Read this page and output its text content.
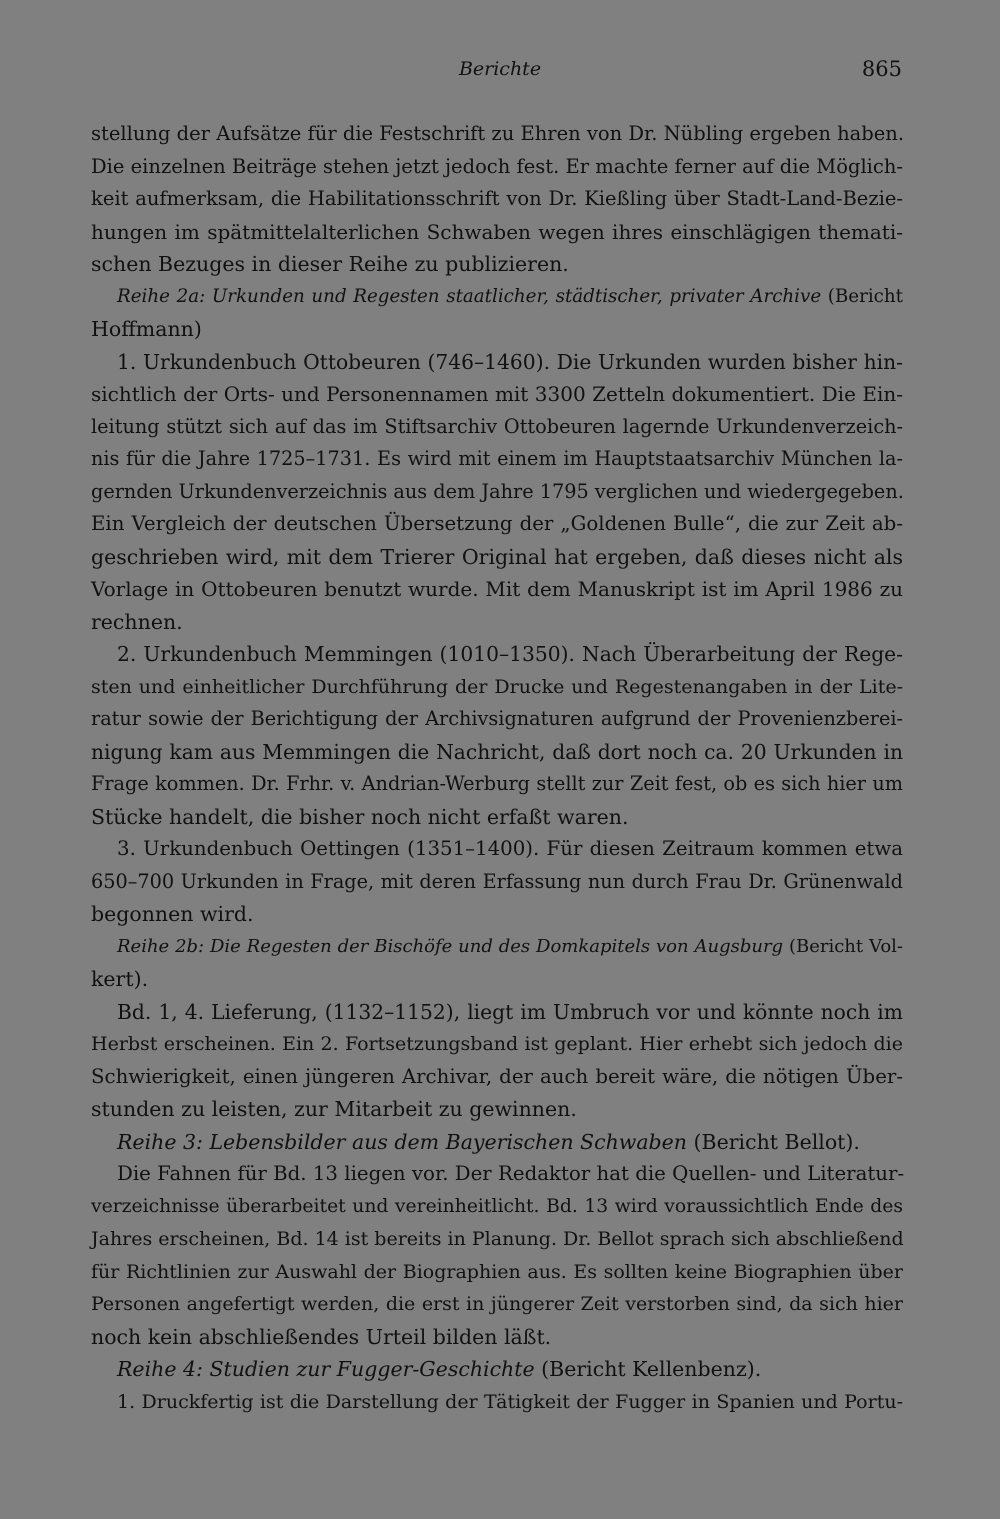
Berichte	865
stellung der Aufsätze für die Festschrift zu Ehren von Dr. Nübling ergeben haben.
Die einzelnen Beiträge stehen jetzt jedoch fest. Er machte ferner auf die Möglich-
keit aufmerksam, die Habilitationsschrift von Dr. Kießling über Stadt-Land-Bezie-
hungen im spätmittelalterlichen Schwaben wegen ihres einschlägigen themati-
schen Bezuges in dieser Reihe zu publizieren.
Reihe 2a: Urkunden und Regesten staatlicher, städtischer, privater Archive (Bericht
Hoffmann)
1. Urkundenbuch Ottobeuren (746–1460). Die Urkunden wurden bisher hin-
sichtlich der Orts- und Personennamen mit 3300 Zetteln dokumentiert. Die Ein-
leitung stützt sich auf das im Stiftsarchiv Ottobeuren lagernde Urkundenverzeich-
nis für die Jahre 1725–1731. Es wird mit einem im Hauptstaatsarchiv München la-
gernden Urkundenverzeichnis aus dem Jahre 1795 verglichen und wiedergegeben.
Ein Vergleich der deutschen Übersetzung der „Goldenen Bulle“, die zur Zeit ab-
geschrieben wird, mit dem Trierer Original hat ergeben, daß dieses nicht als
Vorlage in Ottobeuren benutzt wurde. Mit dem Manuskript ist im April 1986 zu
rechnen.
2. Urkundenbuch Memmingen (1010–1350). Nach Überarbeitung der Rege-
sten und einheitlicher Durchführung der Drucke und Regestenangaben in der Lite-
ratur sowie der Berichtigung der Archivsignaturen aufgrund der Provenienzberei-
nigung kam aus Memmingen die Nachricht, daß dort noch ca. 20 Urkunden in
Frage kommen. Dr. Frhr. v. Andrian-Werburg stellt zur Zeit fest, ob es sich hier um
Stücke handelt, die bisher noch nicht erfaßt waren.
3. Urkundenbuch Oettingen (1351–1400). Für diesen Zeitraum kommen etwa
650–700 Urkunden in Frage, mit deren Erfassung nun durch Frau Dr. Grünenwald
begonnen wird.
Reihe 2b: Die Regesten der Bischöfe und des Domkapitels von Augsburg (Bericht Vol-
kert).
Bd. 1, 4. Lieferung, (1132–1152), liegt im Umbruch vor und könnte noch im
Herbst erscheinen. Ein 2. Fortsetzungsband ist geplant. Hier erhebt sich jedoch die
Schwierigkeit, einen jüngeren Archivar, der auch bereit wäre, die nötigen Über-
stunden zu leisten, zur Mitarbeit zu gewinnen.
Reihe 3: Lebensbilder aus dem Bayerischen Schwaben (Bericht Bellot).
Die Fahnen für Bd. 13 liegen vor. Der Redaktor hat die Quellen- und Literatur-
verzeichnisse überarbeitet und vereinheitlicht. Bd. 13 wird voraussichtlich Ende des
Jahres erscheinen, Bd. 14 ist bereits in Planung. Dr. Bellot sprach sich abschließend
für Richtlinien zur Auswahl der Biographien aus. Es sollten keine Biographien über
Personen angefertigt werden, die erst in jüngerer Zeit verstorben sind, da sich hier
noch kein abschließendes Urteil bilden läßt.
Reihe 4: Studien zur Fugger-Geschichte (Bericht Kellenbenz).
1. Druckfertig ist die Darstellung der Tätigkeit der Fugger in Spanien und Portu-
